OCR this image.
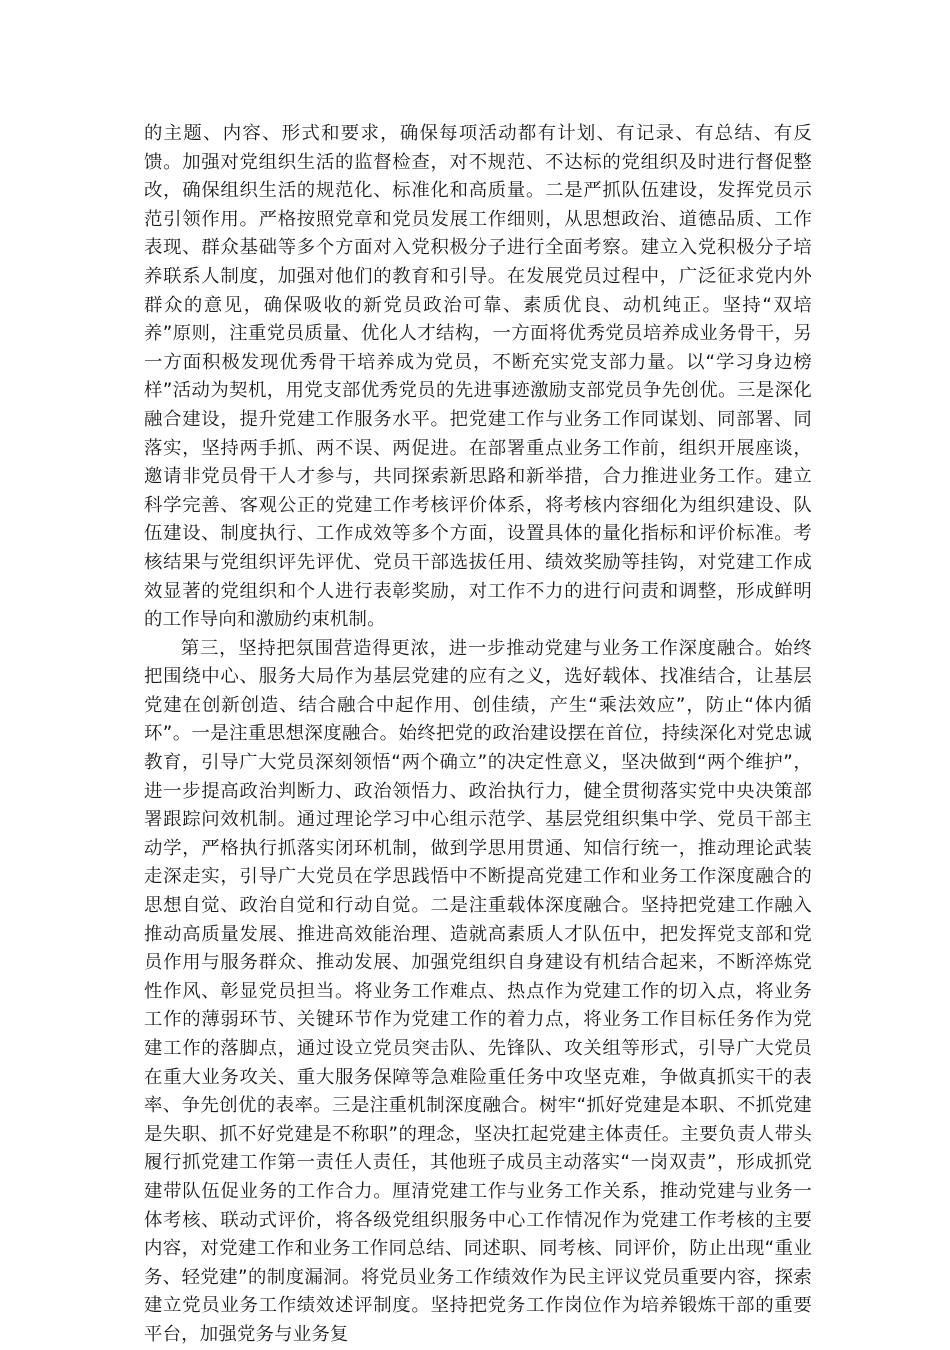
的主题、内容、形式和要求，确保每项活动都有计划、有记录、有总结、有反馈。加强对党组织生活的监督检查，对不规范、不达标的党组织及时进行督促整改，确保组织生活的规范化、标准化和高质量。二是严抓队伍建设，发挥党员示范引领作用。严格按照党章和党员发展工作细则，从思想政治、道德品质、工作表现、群众基础等多个方面对入党积极分子进行全面考察。建立入党积极分子培养联系人制度，加强对他们的教育和引导。在发展党员过程中，广泛征求党内外群众的意见，确保吸收的新党员政治可靠、素质优良、动机纯正。坚持“双培养”原则，注重党员质量、优化人才结构，一方面将优秀党员培养成业务骨干，另一方面积极发现优秀骨干培养成为党员，不断充实党支部力量。以“学习身边榜样”活动为契机，用党支部优秀党员的先进事迹激励支部党员争先创优。三是深化融合建设，提升党建工作服务水平。把党建工作与业务工作同谋划、同部署、同落实，坚持两手抓、两不误、两促进。在部署重点业务工作前，组织开展座谈，邀请非党员骨干人才参与，共同探索新思路和新举措，合力推进业务工作。建立科学完善、客观公正的党建工作考核评价体系，将考核内容细化为组织建设、队伍建设、制度执行、工作成效等多个方面，设置具体的量化指标和评价标准。考核结果与党组织评先评优、党员干部选拔任用、绩效奖励等挂钩，对党建工作成效显著的党组织和个人进行表彰奖励，对工作不力的进行问责和调整，形成鲜明的工作导向和激励约束机制。

第三，坚持把氛围营造得更浓，进一步推动党建与业务工作深度融合。始终把围绕中心、服务大局作为基层党建的应有之义，选好载体、找准结合，让基层党建在创新创造、结合融合中起作用、创佳绩，产生“乘法效应”，防止“体内循环”。一是注重思想深度融合。始终把党的政治建设摆在首位，持续深化对党忠诚教育，引导广大党员深刻领悟“两个确立”的决定性意义，坚决做到“两个维护”，进一步提高政治判断力、政治领悟力、政治执行力，健全贯彻落实党中央决策部署跟踪问效机制。通过理论学习中心组示范学、基层党组织集中学、党员干部主动学，严格执行抓落实闭环机制，做到学思用贯通、知信行统一，推动理论武装走深走实，引导广大党员在学思践悟中不断提高党建工作和业务工作深度融合的思想自觉、政治自觉和行动自觉。二是注重载体深度融合。坚持把党建工作融入推动高质量发展、推进高效能治理、造就高素质人才队伍中，把发挥党支部和党员作用与服务群众、推动发展、加强党组织自身建设有机结合起来，不断淬炼党性作风、彰显党员担当。将业务工作难点、热点作为党建工作的切入点，将业务工作的薄弱环节、关键环节作为党建工作的着力点，将业务工作目标任务作为党建工作的落脚点，通过设立党员突击队、先锋队、攻关组等形式，引导广大党员在重大业务攻关、重大服务保障等急难险重任务中攻坚克难，争做真抓实干的表率、争先创优的表率。三是注重机制深度融合。树牢“抓好党建是本职、不抓党建是失职、抓不好党建是不称职”的理念，坚决扛起党建主体责任。主要负责人带头履行抓党建工作第一责任人责任，其他班子成员主动落实“一岗双责”，形成抓党建带队伍促业务的工作合力。厘清党建工作与业务工作关系，推动党建与业务一体考核、联动式评价，将各级党组织服务中心工作情况作为党建工作考核的主要内容，对党建工作和业务工作同总结、同述职、同考核、同评价，防止出现“重业务、轻党建”的制度漏洞。将党员业务工作绩效作为民主评议党员重要内容，探索建立党员业务工作绩效述评制度。坚持把党务工作岗位作为培养锻炼干部的重要平台，加强党务与业务复
